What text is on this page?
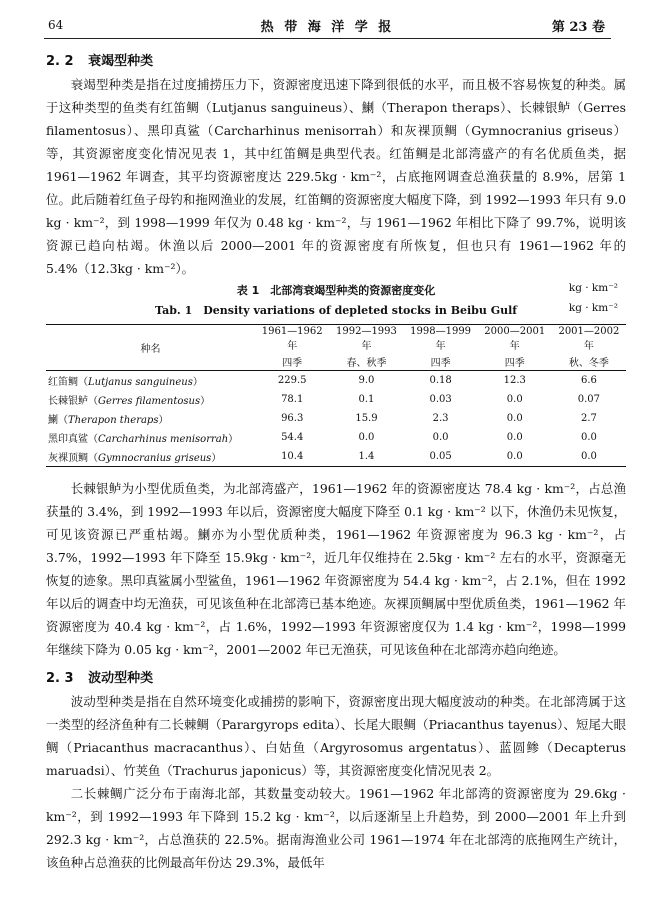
64	热 带 海 洋 学 报	第 23 卷
2. 2 衰竭型种类

衰竭型种类是指在过度捕捞压力下，资源密度迅速下降到很低的水平，而且极不容易恢复的种类。属于这种类型的鱼类有红笛鲷（Lutjanus sanguineus）、鯻（Therapon theraps）、长棘银鲈（Gerres filamentosus）、黑印真鲨（Carcharhinus menisorrah）和灰裸顶鲷（Gymnocranius griseus）等，其资源密度变化情况见表 1，其中红笛鲷是典型代表。红笛鲷是北部湾盛产的有名优质鱼类，据 1961—1962 年调查，其平均资源密度达 229.5kg · km⁻²，占底拖网调查总渔获量的 8.9%，居第 1 位。此后随着红鱼子母钓和拖网渔业的发展，红笛鲷的资源密度大幅度下降，到 1992—1993 年只有 9.0 kg · km⁻²，到 1998—1999 年仅为 0.48 kg · km⁻²，与 1961—1962 年相比下降了 99.7%，说明该资源已趋向枯竭。休渔以后 2000—2001 年的资源密度有所恢复，但也只有 1961—1962 年的 5.4%（12.3kg · km⁻²）。

表 1　北部湾衰竭型种类的资源密度变化
Tab. 1　Density variations of depleted stocks in Beibu Gulf
kg · km⁻²
kg · km⁻²
种名	1961—1962 年	1992—1993 年	1998—1999 年	2000—2001 年	2001—2002 年
	四季	春、秋季	四季	四季	秋、冬季
红笛鲷（Lutjanus sanguineus）	229.5	9.0	0.18	12.3	6.6
长棘银鲈（Gerres filamentosus）	78.1	0.1	0.03	0.0	0.07
鯻（Therapon theraps）	96.3	15.9	2.3	0.0	2.7
黑印真鲨（Carcharhinus menisorrah）	54.4	0.0	0.0	0.0	0.0
灰裸顶鲷（Gymnocranius griseus）	10.4	1.4	0.05	0.0	0.0

长棘银鲈为小型优质鱼类，为北部湾盛产，1961—1962 年的资源密度达 78.4 kg · km⁻²，占总渔获量的 3.4%，到 1992—1993 年以后，资源密度大幅度下降至 0.1 kg · km⁻² 以下，休渔仍未见恢复，可见该资源已严重枯竭。鯻亦为小型优质种类，1961—1962 年资源密度为 96.3 kg · km⁻²，占 3.7%，1992—1993 年下降至 15.9kg · km⁻²，近几年仅维持在 2.5kg · km⁻² 左右的水平，资源毫无恢复的迹象。黑印真鲨属小型鲨鱼，1961—1962 年资源密度为 54.4 kg · km⁻²，占 2.1%，但在 1992 年以后的调查中均无渔获，可见该鱼种在北部湾已基本绝迹。灰裸顶鲷属中型优质鱼类，1961—1962 年资源密度为 40.4 kg · km⁻²，占 1.6%，1992—1993 年资源密度仅为 1.4 kg · km⁻²，1998—1999 年继续下降为 0.05 kg · km⁻²，2001—2002 年已无渔获，可见该鱼种在北部湾亦趋向绝迹。

2. 3 波动型种类

波动型种类是指在自然环境变化或捕捞的影响下，资源密度出现大幅度波动的种类。在北部湾属于这一类型的经济鱼种有二长棘鲷（Parargyrops edita）、长尾大眼鲷（Priacanthus tayenus）、短尾大眼鲷（Priacanthus macracanthus）、白姑鱼（Argyrosomus argentatus）、蓝圆鲹（Decapterus maruadsi）、竹荚鱼（Trachurus japonicus）等，其资源密度变化情况见表 2。

二长棘鲷广泛分布于南海北部，其数量变动较大。1961—1962 年北部湾的资源密度为 29.6kg · km⁻²，到 1992—1993 年下降到 15.2 kg · km⁻²，以后逐渐呈上升趋势，到 2000—2001 年上升到 292.3 kg · km⁻²，占总渔获的 22.5%。据南海渔业公司 1961—1974 年在北部湾的底拖网生产统计，该鱼种占总渔获的比例最高年份达 29.3%，最低年
